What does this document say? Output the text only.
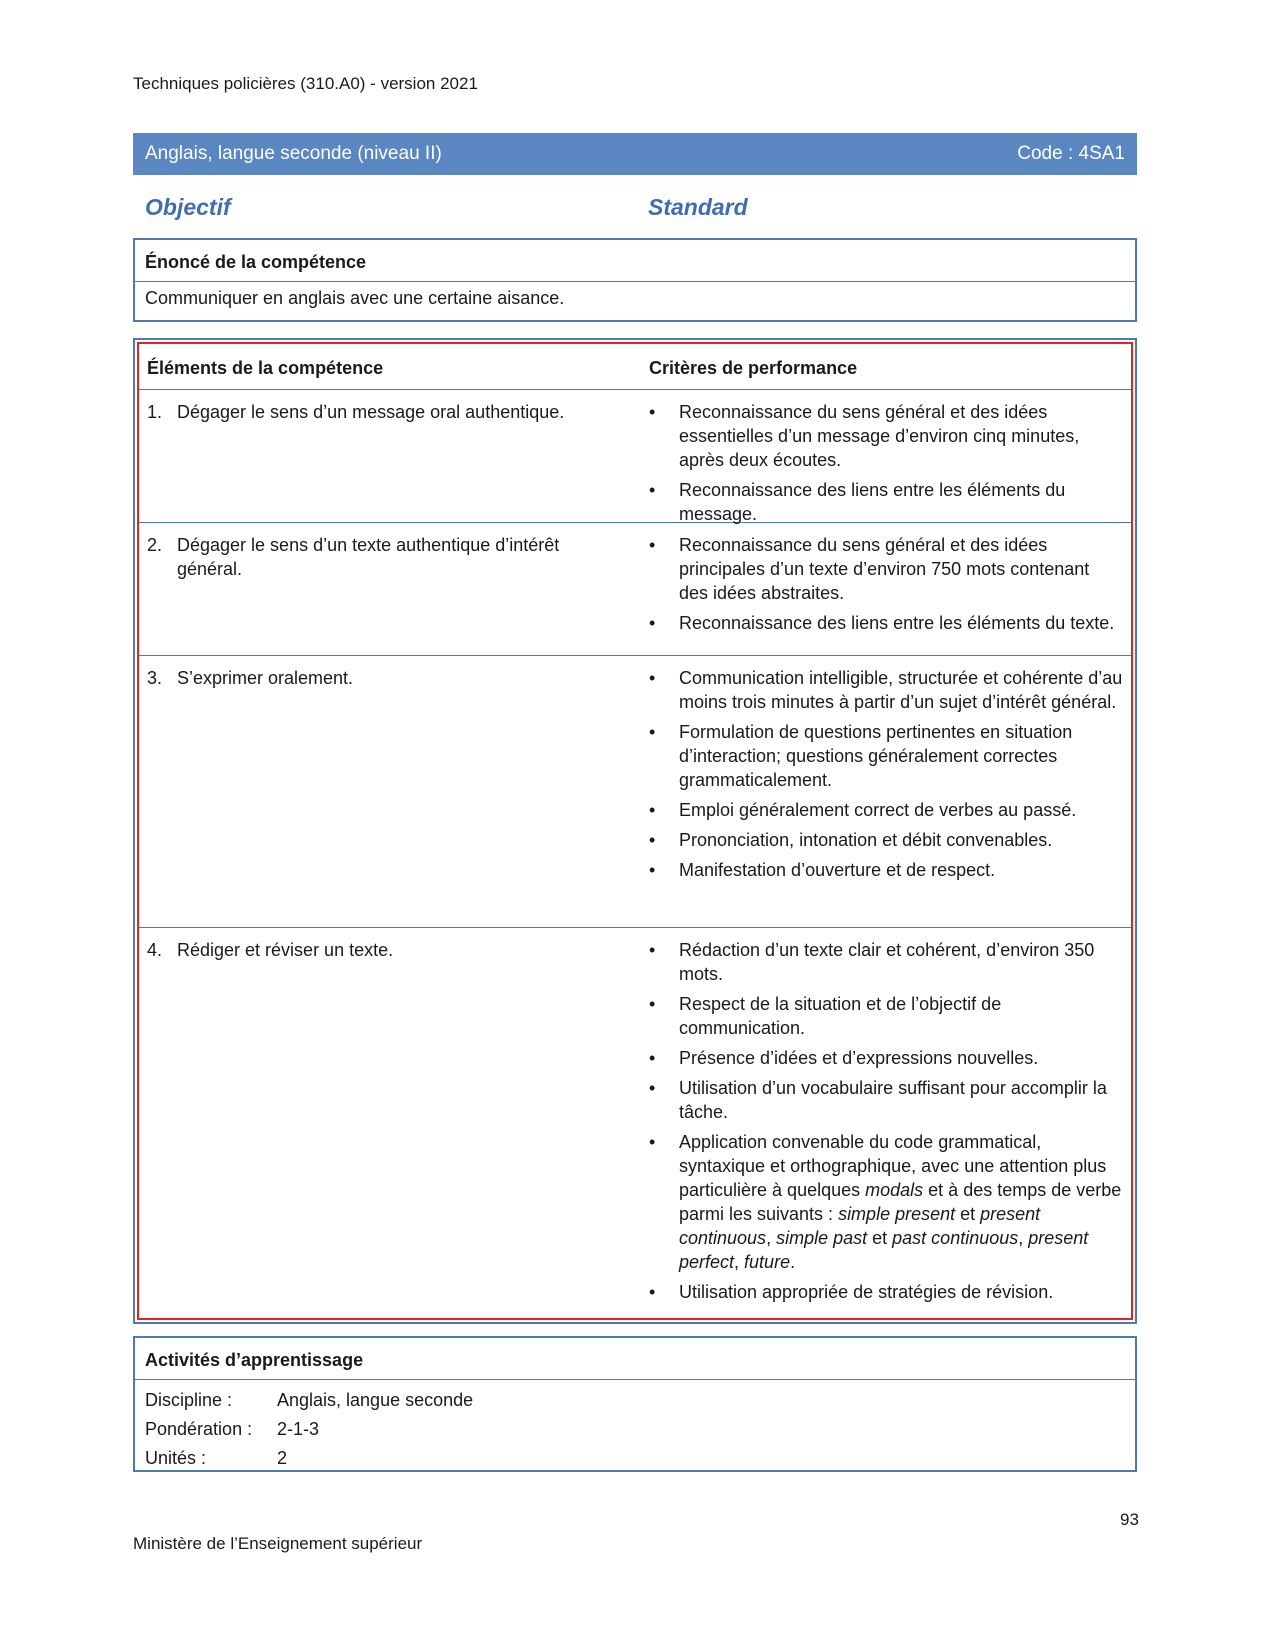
Techniques policières (310.A0) - version 2021
Anglais, langue seconde (niveau II)	Code : 4SA1
Objectif	Standard
Énoncé de la compétence
Communiquer en anglais avec une certaine aisance.
Éléments de la compétence	Critères de performance
1. Dégager le sens d’un message oral authentique.	•	Reconnaissance du sens général et des idées essentielles d’un message d’environ cinq minutes, après deux écoutes.
•	Reconnaissance des liens entre les éléments du message.
2. Dégager le sens d’un texte authentique d’intérêt général.
•	Reconnaissance du sens général et des idées principales d’un texte d’environ 750 mots contenant des idées abstraites.
•	Reconnaissance des liens entre les éléments du texte.
3. S’exprimer oralement.	•	Communication intelligible, structurée et cohérente d’au moins trois minutes à partir d’un sujet d’intérêt général.
•	Formulation de questions pertinentes en situation d’interaction; questions généralement correctes grammaticalement.
•	Emploi généralement correct de verbes au passé.
•	Prononciation, intonation et débit convenables.
•	Manifestation d’ouverture et de respect.
4. Rédiger et réviser un texte.	•	Rédaction d’un texte clair et cohérent, d’environ 350 mots.
•	Respect de la situation et de l’objectif de communication.
•	Présence d’idées et d’expressions nouvelles.
•	Utilisation d’un vocabulaire suffisant pour accomplir la tâche.
•	Application convenable du code grammatical, syntaxique et orthographique, avec une attention plus particulière à quelques modals et à des temps de verbe parmi les suivants : simple present et present continuous, simple past et past continuous, present perfect, future.
•	Utilisation appropriée de stratégies de révision.
Activités d’apprentissage
Discipline :	Anglais, langue seconde
Pondération :	2-1-3
Unités :	2
93
Ministère de l’Enseignement supérieur
